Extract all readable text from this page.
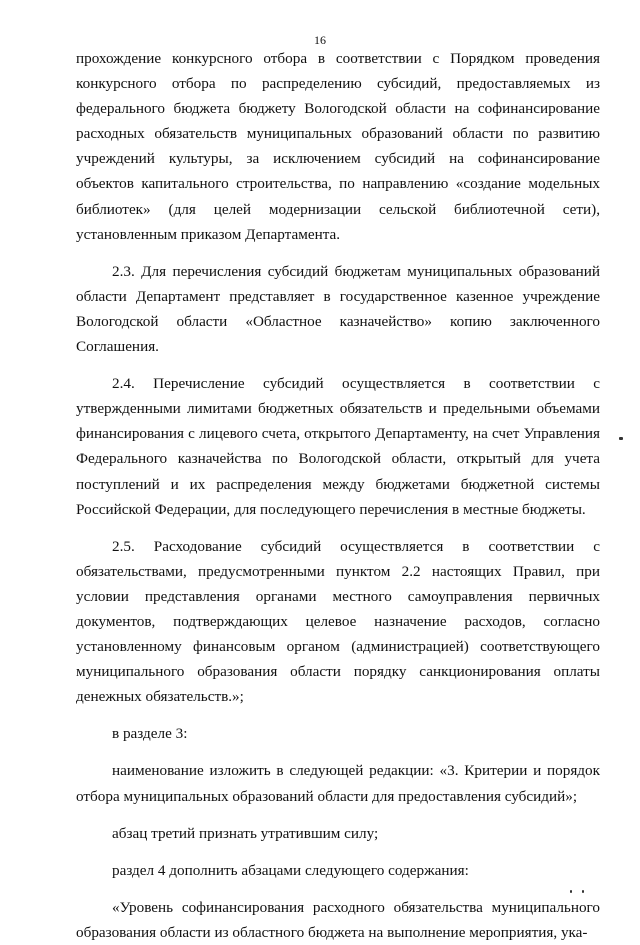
16

прохождение конкурсного отбора в соответствии с Порядком проведения конкурсного отбора по распределению субсидий, предоставляемых из федерального бюджета бюджету Вологодской области на софинансирование расходных обязательств муниципальных образований области по развитию учреждений культуры, за исключением субсидий на софинансирование объектов капитального строительства, по направлению «создание модельных библиотек» (для целей модернизации сельской библиотечной сети), установленным приказом Департамента.

2.3. Для перечисления субсидий бюджетам муниципальных образований области Департамент представляет в государственное казенное учреждение Вологодской области «Областное казначейство» копию заключенного Соглашения.

2.4. Перечисление субсидий осуществляется в соответствии с утвержденными лимитами бюджетных обязательств и предельными объемами финансирования с лицевого счета, открытого Департаменту, на счет Управления Федерального казначейства по Вологодской области, открытый для учета поступлений и их распределения между бюджетами бюджетной системы Российской Федерации, для последующего перечисления в местные бюджеты.

2.5. Расходование субсидий осуществляется в соответствии с обязательствами, предусмотренными пунктом 2.2 настоящих Правил, при условии представления органами местного самоуправления первичных документов, подтверждающих целевое назначение расходов, согласно установленному финансовым органом (администрацией) соответствующего муниципального образования области порядку санкционирования оплаты денежных обязательств.»;

в разделе 3:

наименование изложить в следующей редакции: «3. Критерии и порядок отбора муниципальных образований области для предоставления субсидий»;

абзац третий признать утратившим силу;

раздел 4 дополнить абзацами следующего содержания:

«Уровень софинансирования расходного обязательства муниципального образования области из областного бюджета на выполнение мероприятия, ука-
